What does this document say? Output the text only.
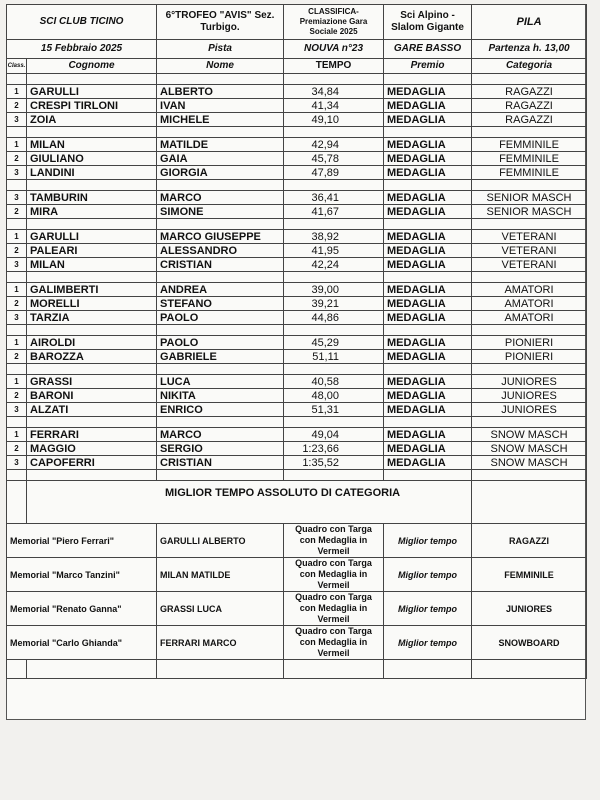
SCI CLUB TICINO		6°TROFEO "AVIS" Sez. Turbigo.	CLASSIFICA- Premiazione Gara Sociale 2025	Sci Alpino - Slalom Gigante	PILA
15 Febbraio 2025		Pista	NOUVA n°23	GARE BASSO	Partenza h. 13,00
Class.	Cognome	Nome	TEMPO	Premio	Categoria

1	GARULLI	ALBERTO	34,84	MEDAGLIA	RAGAZZI
2	CRESPI TIRLONI	IVAN	41,34	MEDAGLIA	RAGAZZI
3	ZOIA	MICHELE	49,10	MEDAGLIA	RAGAZZI

1	MILAN	MATILDE	42,94	MEDAGLIA	FEMMINILE
2	GIULIANO	GAIA	45,78	MEDAGLIA	FEMMINILE
3	LANDINI	GIORGIA	47,89	MEDAGLIA	FEMMINILE

3	TAMBURIN	MARCO	36,41	MEDAGLIA	SENIOR MASCH
2	MIRA	SIMONE	41,67	MEDAGLIA	SENIOR MASCH

1	GARULLI	MARCO GIUSEPPE	38,92	MEDAGLIA	VETERANI
2	PALEARI	ALESSANDRO	41,95	MEDAGLIA	VETERANI
3	MILAN	CRISTIAN	42,24	MEDAGLIA	VETERANI

1	GALIMBERTI	ANDREA	39,00	MEDAGLIA	AMATORI
2	MORELLI	STEFANO	39,21	MEDAGLIA	AMATORI
3	TARZIA	PAOLO	44,86	MEDAGLIA	AMATORI

1	AIROLDI	PAOLO	45,29	MEDAGLIA	PIONIERI
2	BAROZZA	GABRIELE	51,11	MEDAGLIA	PIONIERI

1	GRASSI	LUCA	40,58	MEDAGLIA	JUNIORES
2	BARONI	NIKITA	48,00	MEDAGLIA	JUNIORES
3	ALZATI	ENRICO	51,31	MEDAGLIA	JUNIORES

1	FERRARI	MARCO	49,04	MEDAGLIA	SNOW MASCH
2	MAGGIO	SERGIO	1:23,66	MEDAGLIA	SNOW MASCH
3	CAPOFERRI	CRISTIAN	1:35,52	MEDAGLIA	SNOW MASCH

	MIGLIOR TEMPO ASSOLUTO DI CATEGORIA				

Memorial "Piero Ferrari"		GARULLI ALBERTO	Quadro con Targa con Medaglia in Vermeil	Miglior tempo	RAGAZZI
Memorial "Marco Tanzini"		MILAN MATILDE	Quadro con Targa con Medaglia in Vermeil	Miglior tempo	FEMMINILE
Memorial "Renato Ganna"		GRASSI LUCA	Quadro con Targa con Medaglia in Vermeil	Miglior tempo	JUNIORES
Memorial "Carlo Ghianda"		FERRARI MARCO	Quadro con Targa con Medaglia in Vermeil	Miglior tempo	SNOWBOARD
